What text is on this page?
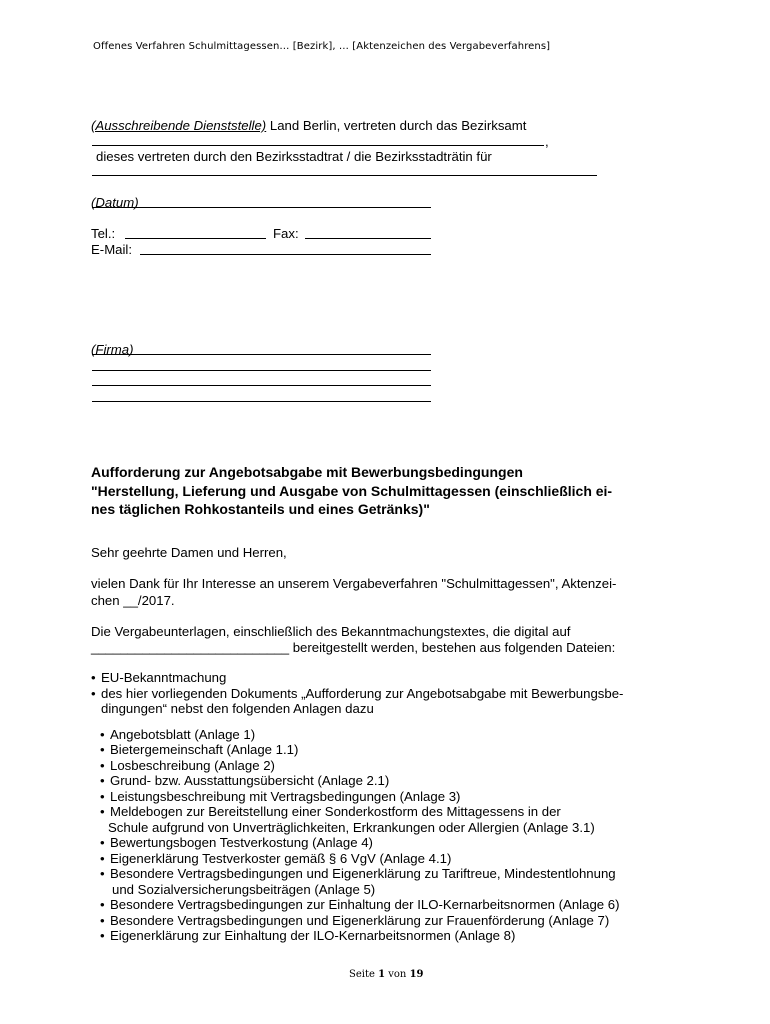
Offenes Verfahren Schulmittagessen… [Bezirk], … [Aktenzeichen des Vergabeverfahrens]
(Ausschreibende Dienststelle) Land Berlin, vertreten durch das Bezirksamt
,
dieses vertreten durch den Bezirksstadtrat / die Bezirksstadträtin für
(Datum)
Tel.:	Fax:
E-Mail:
(Firma)
Aufforderung zur Angebotsabgabe mit Bewerbungsbedingungen
"Herstellung, Lieferung und Ausgabe von Schulmittagessen (einschließlich ei-
nes täglichen Rohkostanteils und eines Getränks)"
Sehr geehrte Damen und Herren,
vielen Dank für Ihr Interesse an unserem Vergabeverfahren "Schulmittagessen", Aktenzei-
chen __/2017.
Die Vergabeunterlagen, einschließlich des Bekanntmachungstextes, die digital auf
___________________________ bereitgestellt werden, bestehen aus folgenden Dateien:
• EU-Bekanntmachung
• des hier vorliegenden Dokuments „Aufforderung zur Angebotsabgabe mit Bewerbungsbe-
dingungen“ nebst den folgenden Anlagen dazu
• Angebotsblatt (Anlage 1)
• Bietergemeinschaft (Anlage 1.1)
• Losbeschreibung (Anlage 2)
• Grund- bzw. Ausstattungsübersicht (Anlage 2.1)
• Leistungsbeschreibung mit Vertragsbedingungen (Anlage 3)
• Meldebogen zur Bereitstellung einer Sonderkostform des Mittagessens in der
Schule aufgrund von Unverträglichkeiten, Erkrankungen oder Allergien (Anlage 3.1)
• Bewertungsbogen Testverkostung (Anlage 4)
• Eigenerklärung Testverkoster gemäß § 6 VgV (Anlage 4.1)
• Besondere Vertragsbedingungen und Eigenerklärung zu Tariftreue, Mindestentlohnung
und Sozialversicherungsbeiträgen (Anlage 5)
• Besondere Vertragsbedingungen zur Einhaltung der ILO-Kernarbeitsnormen (Anlage 6)
• Besondere Vertragsbedingungen und Eigenerklärung zur Frauenförderung (Anlage 7)
• Eigenerklärung zur Einhaltung der ILO-Kernarbeitsnormen (Anlage 8)
Seite 1 von 19
